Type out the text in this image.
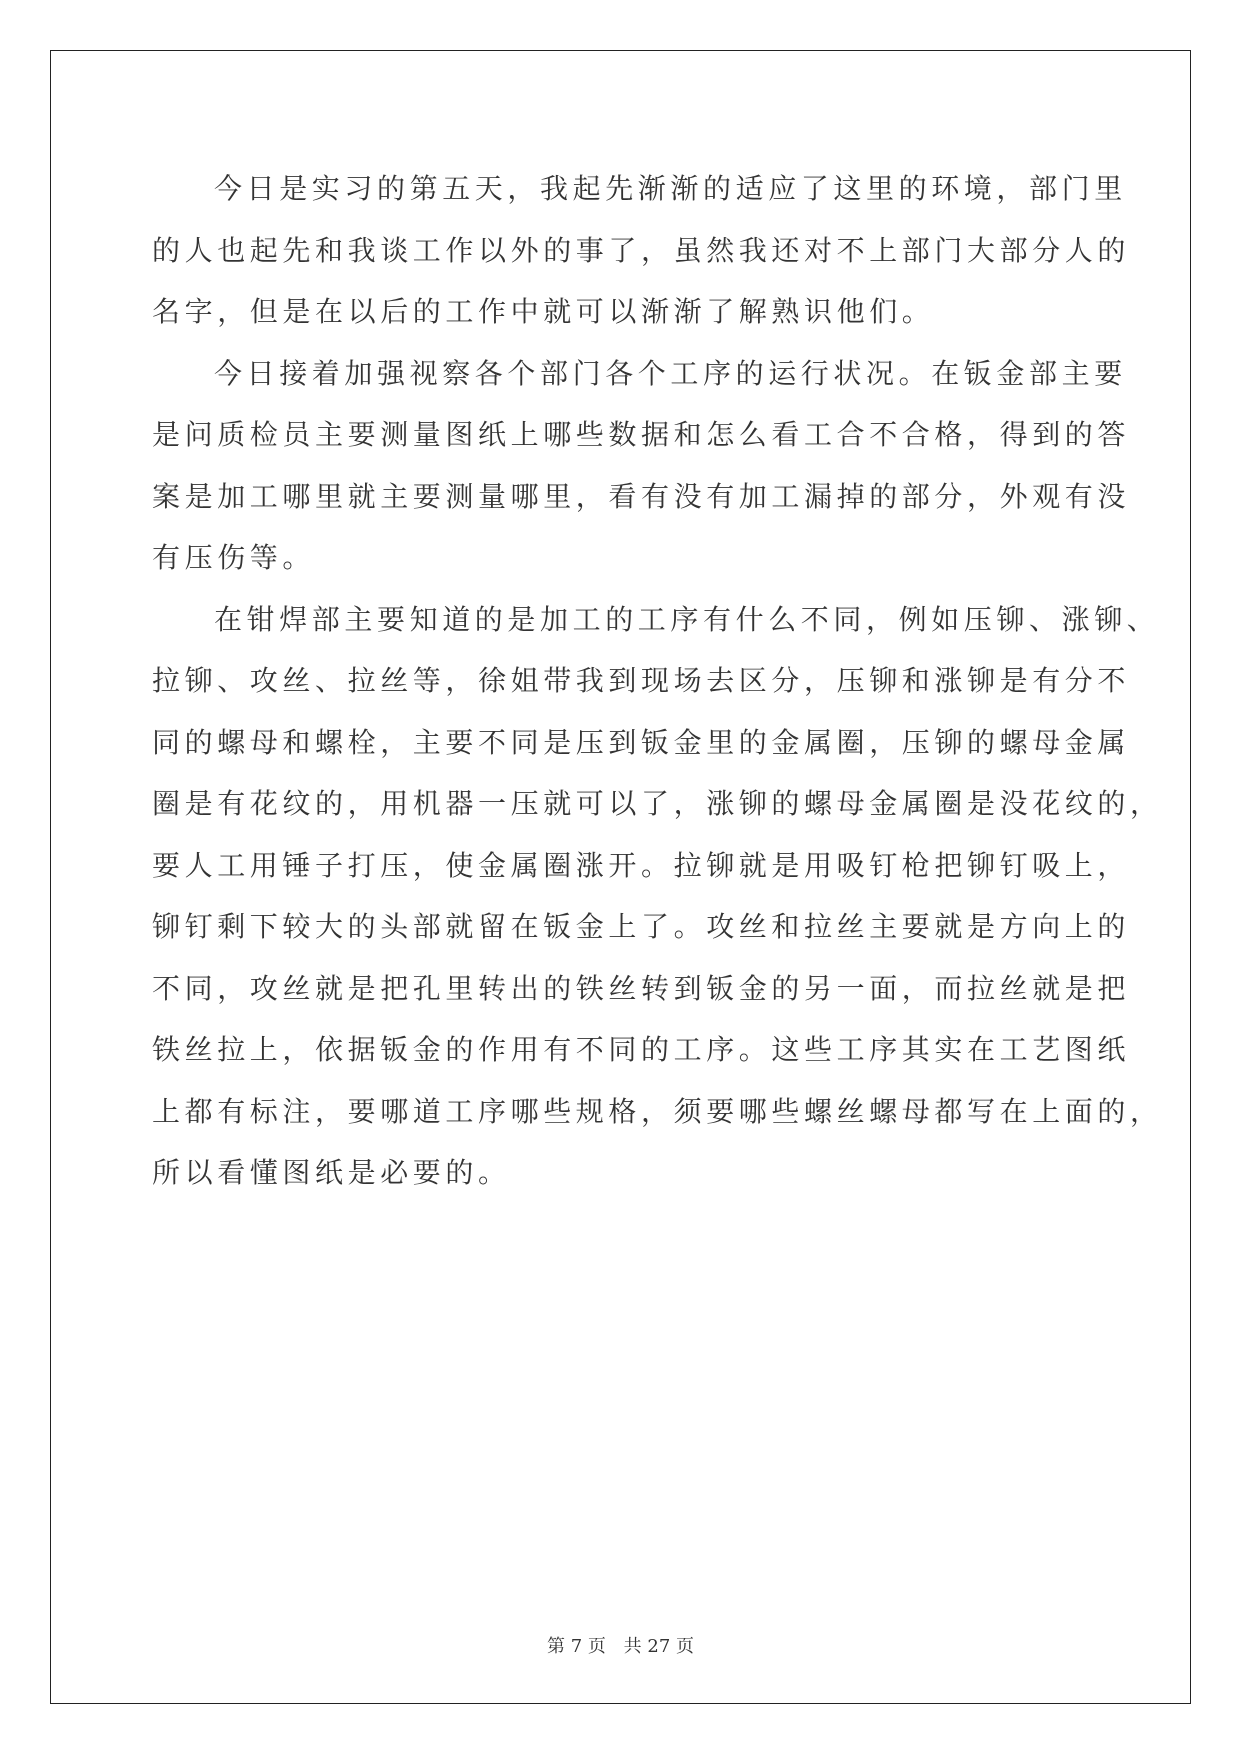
今日是实习的第五天，我起先渐渐的适应了这里的环境，部门里
的人也起先和我谈工作以外的事了，虽然我还对不上部门大部分人的
名字，但是在以后的工作中就可以渐渐了解熟识他们。

今日接着加强视察各个部门各个工序的运行状况。在钣金部主要
是问质检员主要测量图纸上哪些数据和怎么看工合不合格，得到的答
案是加工哪里就主要测量哪里，看有没有加工漏掉的部分，外观有没
有压伤等。

在钳焊部主要知道的是加工的工序有什么不同，例如压铆、涨铆、
拉铆、攻丝、拉丝等，徐姐带我到现场去区分，压铆和涨铆是有分不
同的螺母和螺栓，主要不同是压到钣金里的金属圈，压铆的螺母金属
圈是有花纹的，用机器一压就可以了，涨铆的螺母金属圈是没花纹的，
要人工用锤子打压，使金属圈涨开。拉铆就是用吸钉枪把铆钉吸上，
铆钉剩下较大的头部就留在钣金上了。攻丝和拉丝主要就是方向上的
不同，攻丝就是把孔里转出的铁丝转到钣金的另一面，而拉丝就是把
铁丝拉上，依据钣金的作用有不同的工序。这些工序其实在工艺图纸
上都有标注，要哪道工序哪些规格，须要哪些螺丝螺母都写在上面的，
所以看懂图纸是必要的。

第 7 页 共 27 页
